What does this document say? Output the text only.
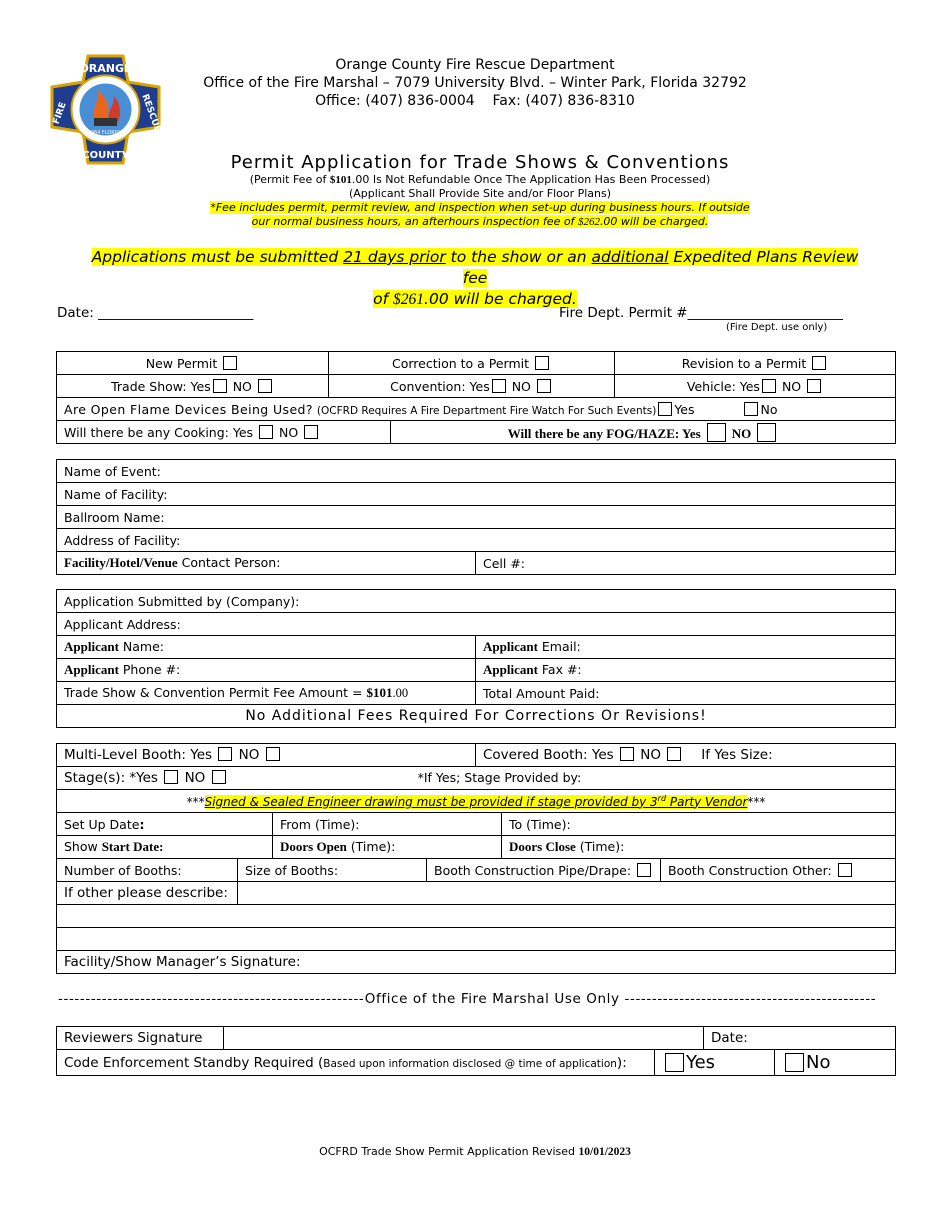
ORANGE
FIRE	RESCUE
COUNTY
1984 FLORIDA
Orange County Fire Rescue Department
Office of the Fire Marshal – 7079 University Blvd. – Winter Park, Florida 32792
Office: (407) 836-0004 Fax: (407) 836-8310
Permit Application for Trade Shows & Conventions
(Permit Fee of $101.00 Is Not Refundable Once The Application Has Been Processed)
(Applicant Shall Provide Site and/or Floor Plans)
*Fee includes permit, permit review, and inspection when set-up during business hours. If outside
our normal business hours, an afterhours inspection fee of $262.00 will be charged.
Applications must be submitted 21 days prior to the show or an additional Expedited Plans Review fee
of $261.00 will be charged.
Date: _______________________	Fire Dept. Permit #_______________________
(Fire Dept. use only)
New Permit	Correction to a Permit	Revision to a Permit
Trade Show: Yes NO	Convention: Yes NO	Vehicle: Yes NO
Are Open Flame Devices Being Used? (OCFRD Requires A Fire Department Fire Watch For Such Events) Yes No		
Will there be any Cooking: Yes NO	Will there be any FOG/HAZE: Yes NO
Name of Event:
Name of Facility:
Ballroom Name:
Address of Facility:
Facility/Hotel/Venue Contact Person:	Cell #:
Application Submitted by (Company):	
Applicant Address:	
Applicant Name:	Applicant Email:
Applicant Phone #:	Applicant Fax #:
Trade Show & Convention Permit Fee Amount = $101.00	Total Amount Paid:
No Additional Fees Required For Corrections Or Revisions!	
Multi-Level Booth: Yes NO	Covered Booth: Yes NO	If Yes Size:
Stage(s): *Yes NO	*If Yes; Stage Provided by:
***Signed & Sealed Engineer drawing must be provided if stage provided by 3rd Party Vendor***
Set Up Date:	From (Time):	To (Time):
Show Start Date:	Doors Open (Time):	Doors Close (Time):
Number of Booths:	Size of Booths:	Booth Construction Pipe/Drape:	Booth Construction Other:
If other please describe:			

Facility/Show Manager’s Signature:			
--------------------------------------------------------Office of the Fire Marshal Use Only ----------------------------------------------
Reviewers Signature			Date:	
Code Enforcement Standby Required (Based upon information disclosed @ time of application):		Yes		No
OCFRD Trade Show Permit Application Revised 10/01/2023
